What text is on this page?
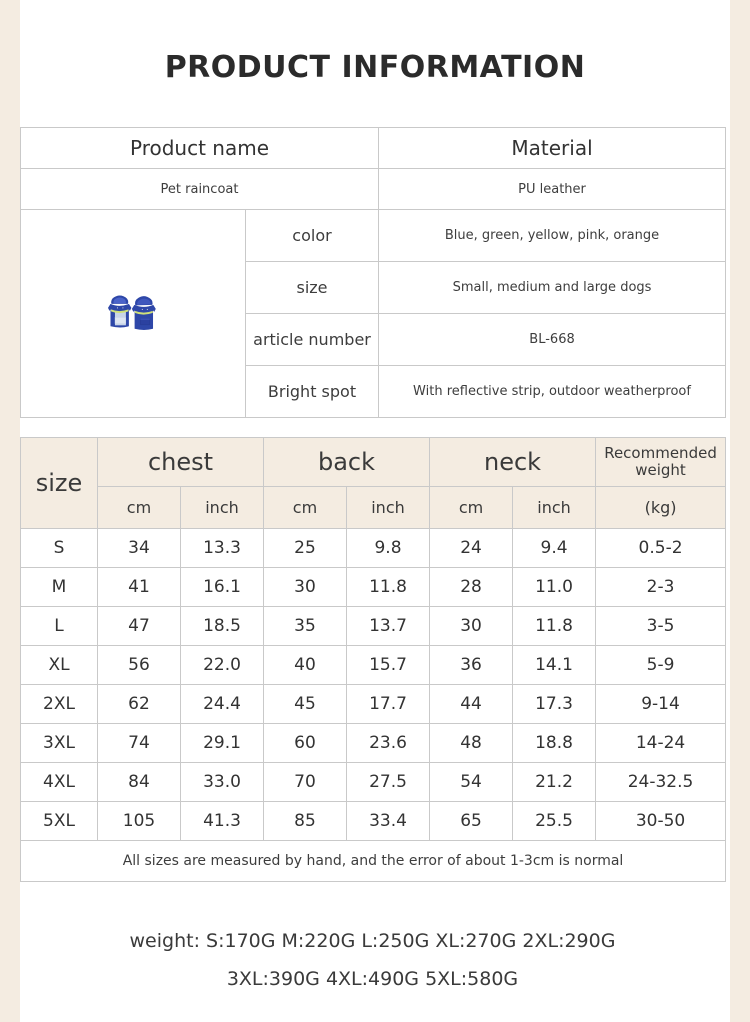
PRODUCT INFORMATION
Product name		Material
Pet raincoat		PU leather

	color	Blue, green, yellow, pink, orange
	size	Small, medium and large dogs
	article number	BL-668
	Bright spot	With reflective strip, outdoor weatherproof
size	chest		back		neck		Recommended weight
	cm	inch	cm	inch	cm	inch	(kg)
S	34	13.3	25	9.8	24	9.4	0.5-2
M	41	16.1	30	11.8	28	11.0	2-3
L	47	18.5	35	13.7	30	11.8	3-5
XL	56	22.0	40	15.7	36	14.1	5-9
2XL	62	24.4	45	17.7	44	17.3	9-14
3XL	74	29.1	60	23.6	48	18.8	14-24
4XL	84	33.0	70	27.5	54	21.2	24-32.5
5XL	105	41.3	85	33.4	65	25.5	30-50
All sizes are measured by hand, and the error of about 1-3cm is normal							
weight: S:170G M:220G L:250G XL:270G 2XL:290G
3XL:390G 4XL:490G 5XL:580G
